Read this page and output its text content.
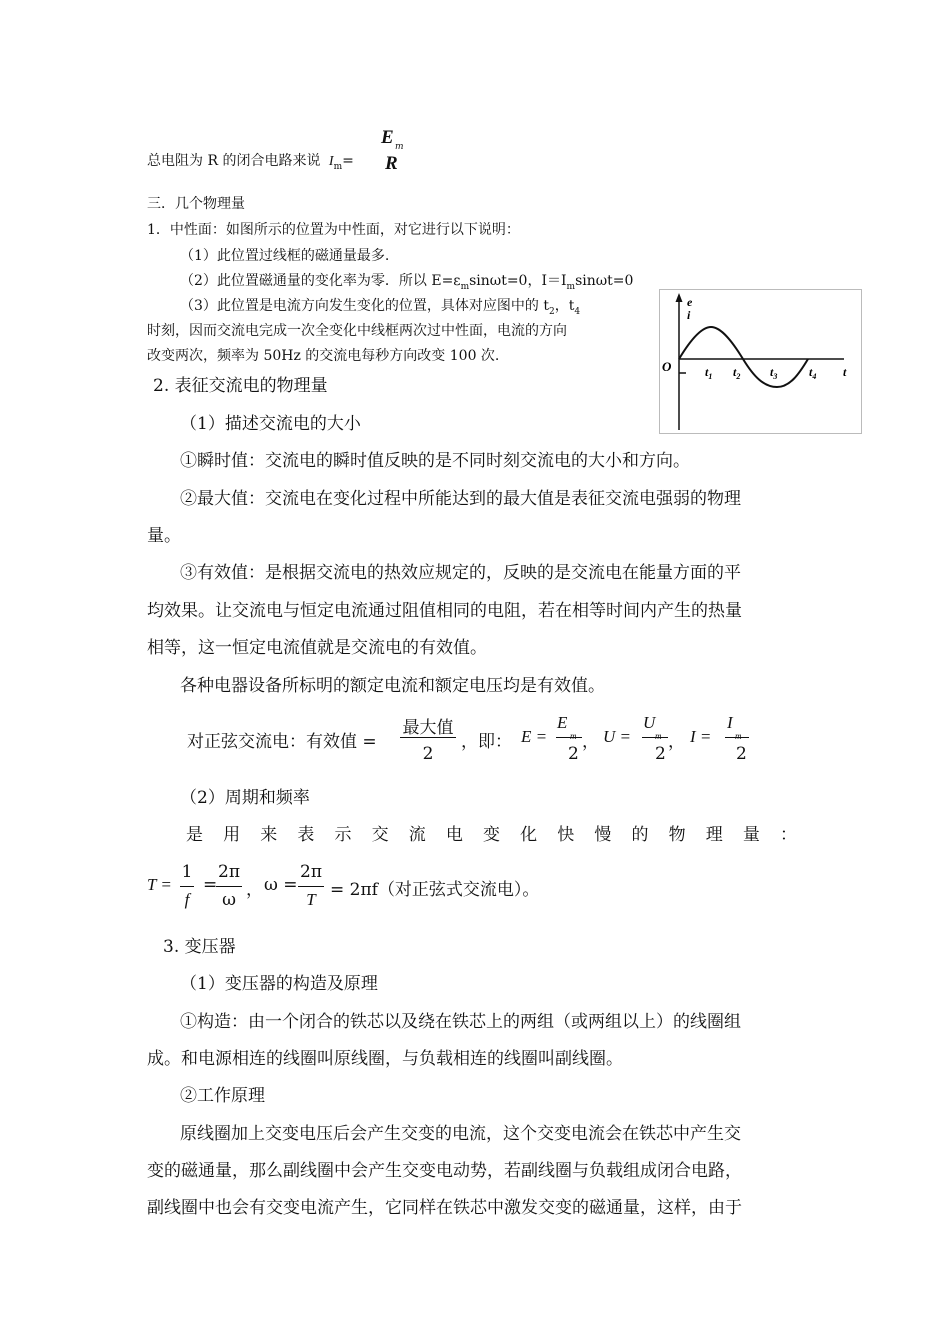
总电阻为 R 的闭合电路来说 $I_m=$
E m
R
三．几个物理量
1．中性面：如图所示的位置为中性面，对它进行以下说明：
（1）此位置过线框的磁通量最多.
（2）此位置磁通量的变化率为零．所以 $E=\varepsilon_m\sin\omega t=0$，$I=I_m\sin\omega t=0$
（3）此位置是电流方向发生变化的位置，具体对应图中的 $t_2$，$t_4$
时刻，因而交流电完成一次全变化中线框两次过中性面，电流的方向
改变两次，频率为 50Hz 的交流电每秒方向改变 100 次.
e
i
O	t
$t_1$ $t_2$ $t_3$	$t_4$
2. 表征交流电的物理量
（1）描述交流电的大小
①瞬时值：交流电的瞬时值反映的是不同时刻交流电的大小和方向。
②最大值：交流电在变化过程中所能达到的最大值是表征交流电强弱的物理
量。
③有效值：是根据交流电的热效应规定的，反映的是交流电在能量方面的平
均效果。让交流电与恒定电流通过阻值相同的电阻，若在相等时间内产生的热量
相等，这一恒定电流值就是交流电的有效值。
各种电器设备所标明的额定电流和额定电压均是有效值。
对正弦交流电：有效值 =
最大值
2
，即： E =
E
m
2
， U =
U
m
2
， I =
I
m
2
（2）周期和频率
是 用 来 表 示 交 流 电 变 化 快 慢 的 物 理 量 ：
T =
1
f
=
2π
ω ， ω =
2π
T = 2πf（对正弦式交流电）。
3. 变压器
（1）变压器的构造及原理
①构造：由一个闭合的铁芯以及绕在铁芯上的两组（或两组以上）的线圈组
成。和电源相连的线圈叫原线圈，与负载相连的线圈叫副线圈。
②工作原理
原线圈加上交变电压后会产生交变的电流，这个交变电流会在铁芯中产生交
变的磁通量，那么副线圈中会产生交变电动势，若副线圈与负载组成闭合电路，
副线圈中也会有交变电流产生，它同样在铁芯中激发交变的磁通量，这样，由于
